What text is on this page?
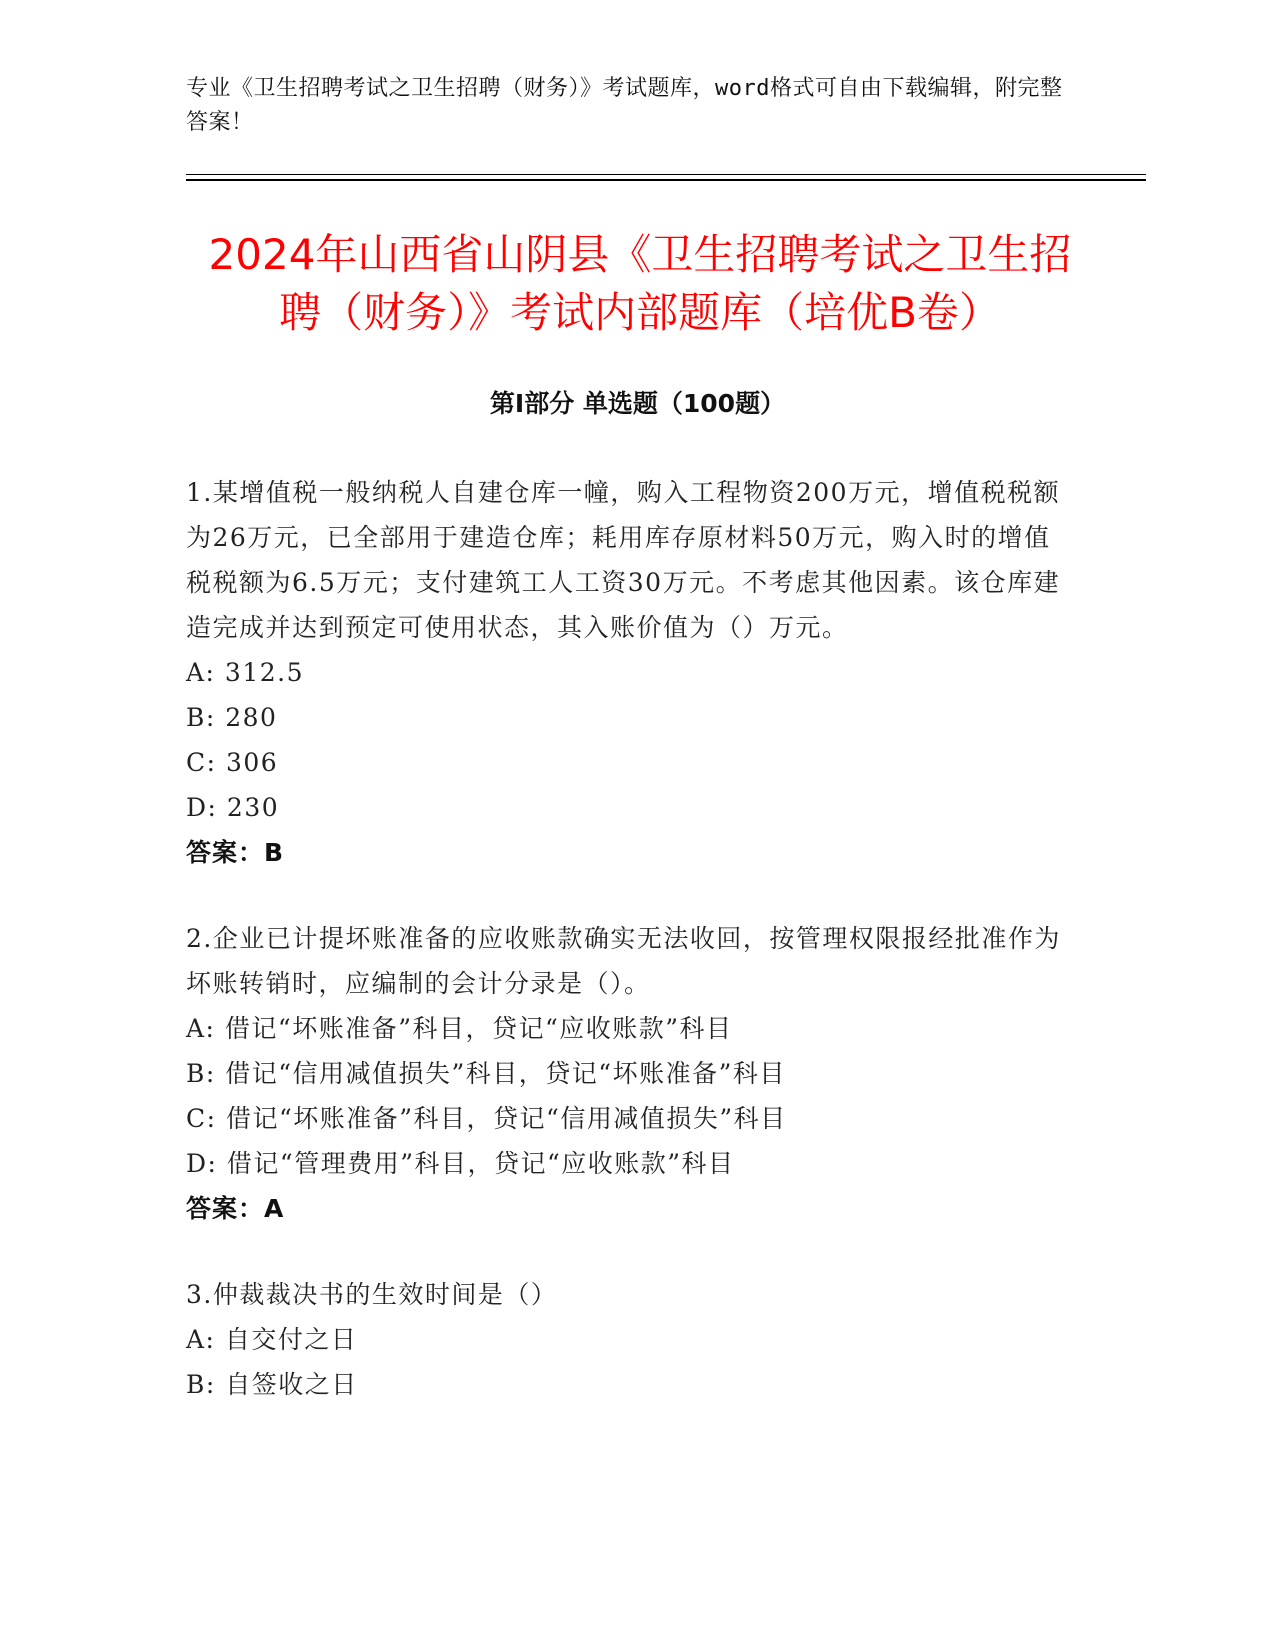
专业《卫生招聘考试之卫生招聘（财务）》考试题库，word格式可自由下载编辑，附完整答案！
2024年山西省山阴县《卫生招聘考试之卫生招聘（财务）》考试内部题库（培优B卷）
第Ⅰ部分 单选题（100题）
1.某增值税一般纳税人自建仓库一幢，购入工程物资200万元，增值税税额为26万元，已全部用于建造仓库；耗用库存原材料50万元，购入时的增值税税额为6.5万元；支付建筑工人工资30万元。不考虑其他因素。该仓库建造完成并达到预定可使用状态，其入账价值为（）万元。
A: 312.5
B: 280
C: 306
D: 230
答案：B
2.企业已计提坏账准备的应收账款确实无法收回，按管理权限报经批准作为坏账转销时，应编制的会计分录是（）。
A: 借记“坏账准备”科目，贷记“应收账款”科目
B: 借记“信用减值损失”科目，贷记“坏账准备”科目
C: 借记“坏账准备”科目，贷记“信用减值损失”科目
D: 借记“管理费用”科目，贷记“应收账款”科目
答案：A
3.仲裁裁决书的生效时间是（）
A: 自交付之日
B: 自签收之日
